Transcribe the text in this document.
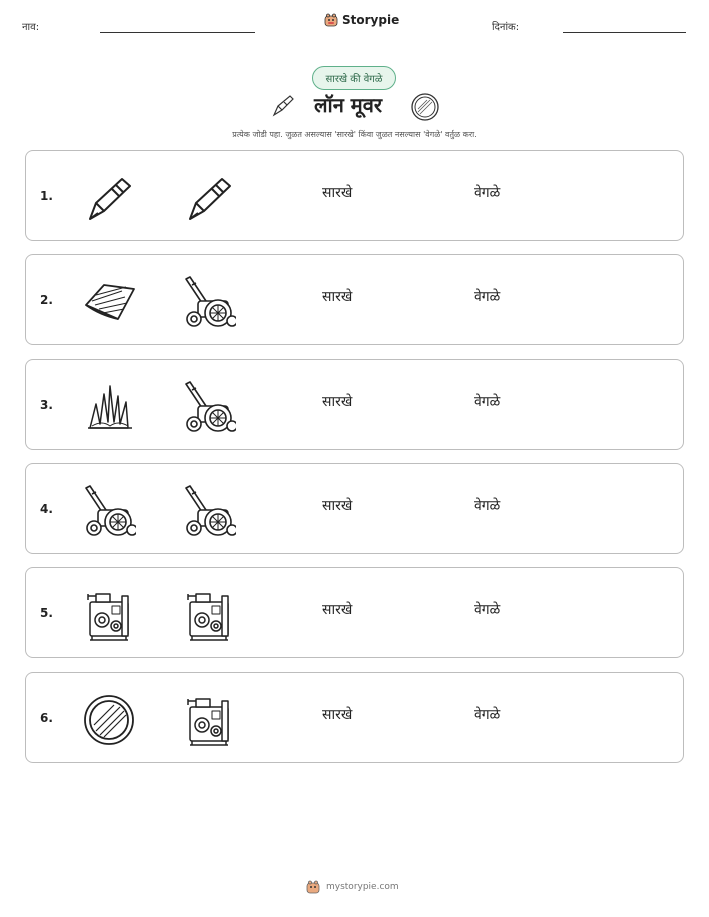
नाव:
Storypie
दिनांक:
सारखे की वेगळे
लॉन मूवर
प्रत्येक जोडी पहा. जुळत असल्यास 'सारखे' किंवा जुळत नसल्यास 'वेगळे' वर्तुळ करा.
1.	सारखे	वेगळे
2.	सारखे	वेगळे
3.	सारखे	वेगळे
4.	सारखे	वेगळे
5.	सारखे	वेगळे
6.	सारखे	वेगळे
mystorypie.com
